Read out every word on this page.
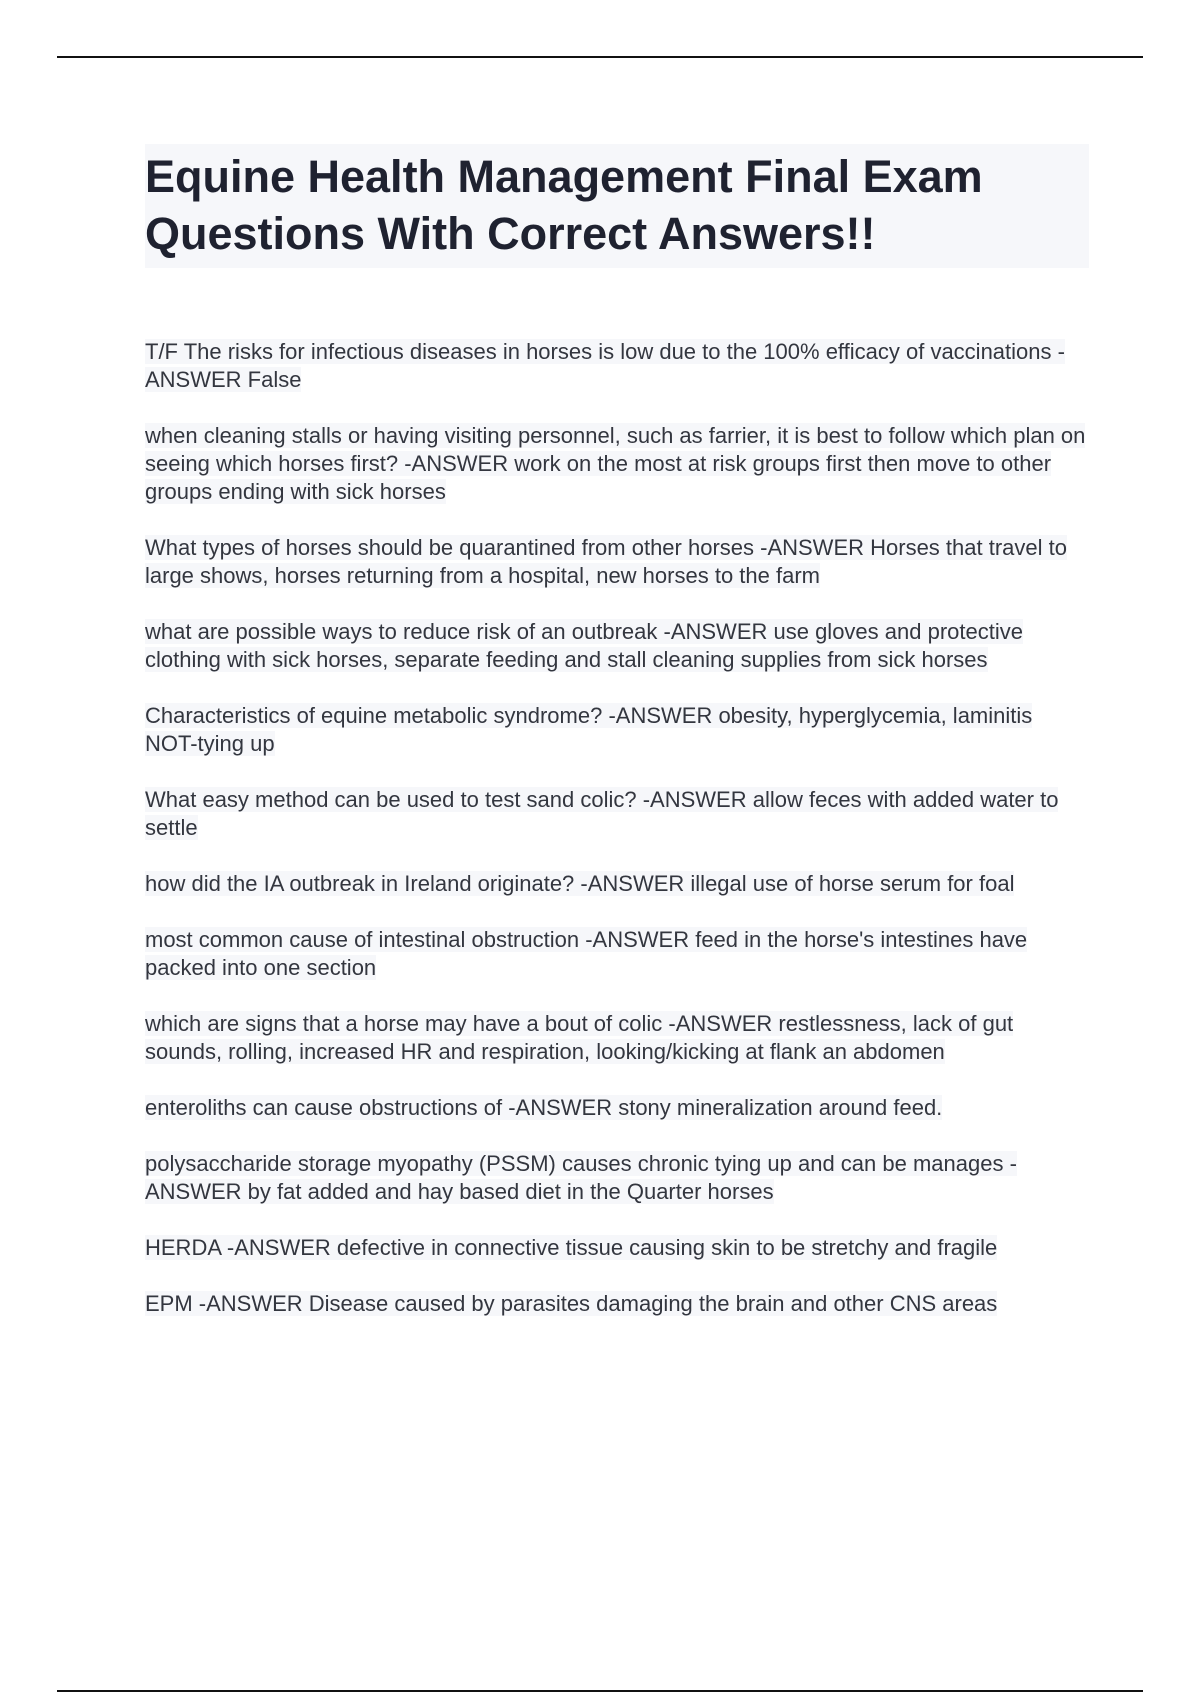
Equine Health Management Final Exam
Questions With Correct Answers!!

T/F The risks for infectious diseases in horses is low due to the 100% efficacy of vaccinations -ANSWER False

when cleaning stalls or having visiting personnel, such as farrier, it is best to follow which plan on seeing which horses first? -ANSWER work on the most at risk groups first then move to other groups ending with sick horses

What types of horses should be quarantined from other horses -ANSWER Horses that travel to large shows, horses returning from a hospital, new horses to the farm

what are possible ways to reduce risk of an outbreak -ANSWER use gloves and protective clothing with sick horses, separate feeding and stall cleaning supplies from sick horses

Characteristics of equine metabolic syndrome? -ANSWER obesity, hyperglycemia, laminitis
NOT-tying up

What easy method can be used to test sand colic? -ANSWER allow feces with added water to settle

how did the IA outbreak in Ireland originate? -ANSWER illegal use of horse serum for foal

most common cause of intestinal obstruction -ANSWER feed in the horse's intestines have packed into one section

which are signs that a horse may have a bout of colic -ANSWER restlessness, lack of gut sounds, rolling, increased HR and respiration, looking/kicking at flank an abdomen

enteroliths can cause obstructions of -ANSWER stony mineralization around feed.

polysaccharide storage myopathy (PSSM) causes chronic tying up and can be manages -ANSWER by fat added and hay based diet in the Quarter horses

HERDA -ANSWER defective in connective tissue causing skin to be stretchy and fragile

EPM -ANSWER Disease caused by parasites damaging the brain and other CNS areas
